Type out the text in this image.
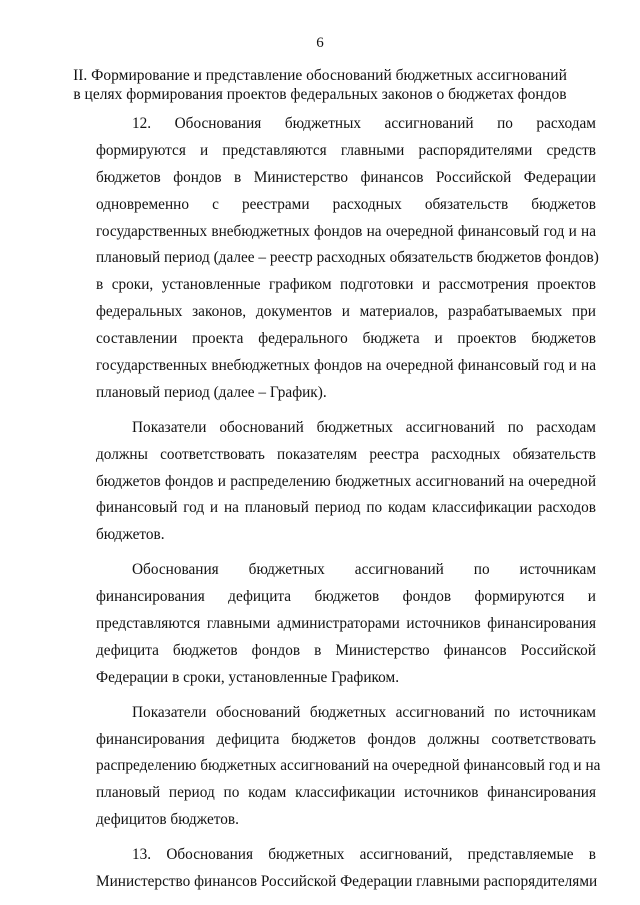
6
II. Формирование и представление обоснований бюджетных ассигнований
в целях формирования проектов федеральных законов о бюджетах фондов
12. Обоснования бюджетных ассигнований по расходам
формируются и представляются главными распорядителями средств
бюджетов фондов в Министерство финансов Российской Федерации
одновременно с реестрами расходных обязательств бюджетов
государственных внебюджетных фондов на очередной финансовый год и на
плановый период (далее – реестр расходных обязательств бюджетов фондов)
в сроки, установленные графиком подготовки и рассмотрения проектов
федеральных законов, документов и материалов, разрабатываемых при
составлении проекта федерального бюджета и проектов бюджетов
государственных внебюджетных фондов на очередной финансовый год и на
плановый период (далее – График).
Показатели обоснований бюджетных ассигнований по расходам
должны соответствовать показателям реестра расходных обязательств
бюджетов фондов и распределению бюджетных ассигнований на очередной
финансовый год и на плановый период по кодам классификации расходов
бюджетов.
Обоснования бюджетных ассигнований по источникам
финансирования дефицита бюджетов фондов формируются и
представляются главными администраторами источников финансирования
дефицита бюджетов фондов в Министерство финансов Российской
Федерации в сроки, установленные Графиком.
Показатели обоснований бюджетных ассигнований по источникам
финансирования дефицита бюджетов фондов должны соответствовать
распределению бюджетных ассигнований на очередной финансовый год и на
плановый период по кодам классификации источников финансирования
дефицитов бюджетов.
13. Обоснования бюджетных ассигнований, представляемые в
Министерство финансов Российской Федерации главными распорядителями
